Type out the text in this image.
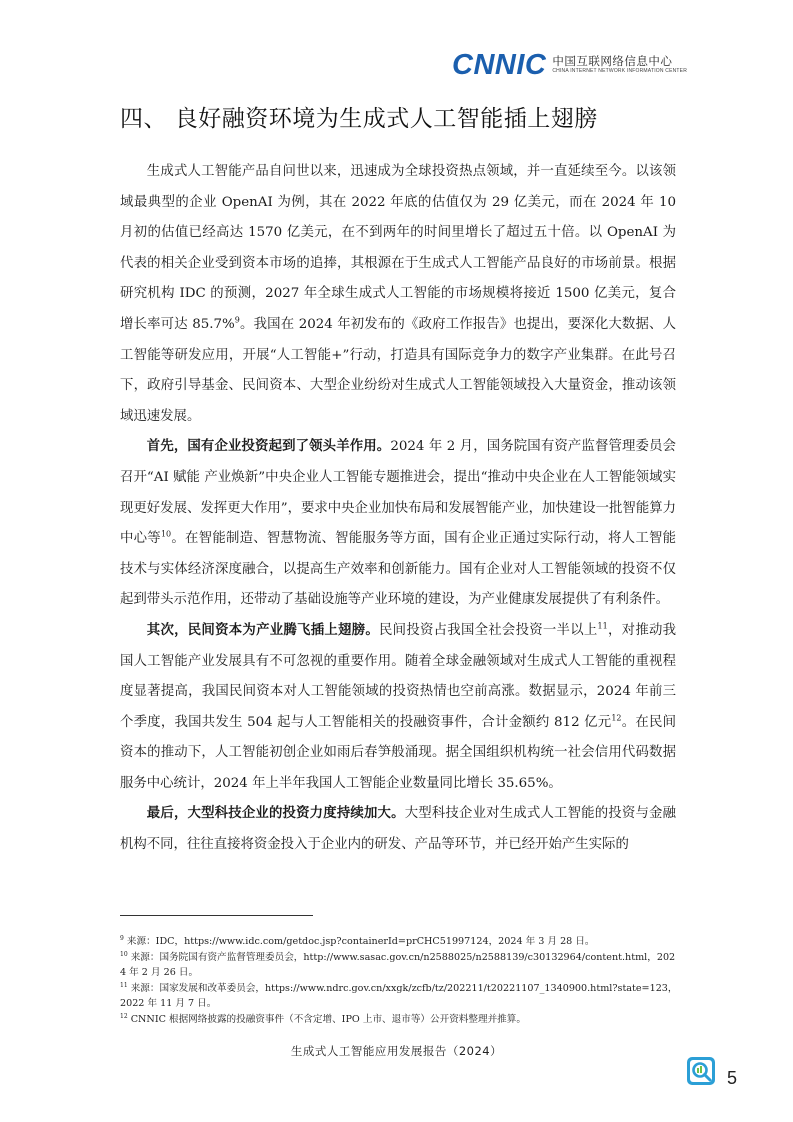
CNNIC 中国互联网络信息中心
CHINA INTERNET NETWORK INFORMATION CENTER
四、 良好融资环境为生成式人工智能插上翅膀

生成式人工智能产品自问世以来，迅速成为全球投资热点领域，并一直延续至今。以该领域最典型的企业 OpenAI 为例，其在 2022 年底的估值仅为 29 亿美元，而在 2024 年 10 月初的估值已经高达 1570 亿美元，在不到两年的时间里增长了超过五十倍。以 OpenAI 为代表的相关企业受到资本市场的追捧，其根源在于生成式人工智能产品良好的市场前景。根据研究机构 IDC 的预测，2027 年全球生成式人工智能的市场规模将接近 1500 亿美元，复合增长率可达 85.7%$^9$。我国在 2024 年初发布的《政府工作报告》也提出，要深化大数据、人工智能等研发应用，开展“人工智能+”行动，打造具有国际竞争力的数字产业集群。在此号召下，政府引导基金、民间资本、大型企业纷纷对生成式人工智能领域投入大量资金，推动该领域迅速发展。

首先，国有企业投资起到了领头羊作用。2024 年 2 月，国务院国有资产监督管理委员会召开“AI 赋能 产业焕新”中央企业人工智能专题推进会，提出“推动中央企业在人工智能领域实现更好发展、发挥更大作用”，要求中央企业加快布局和发展智能产业，加快建设一批智能算力中心等$^{10}$。在智能制造、智慧物流、智能服务等方面，国有企业正通过实际行动，将人工智能技术与实体经济深度融合，以提高生产效率和创新能力。国有企业对人工智能领域的投资不仅起到带头示范作用，还带动了基础设施等产业环境的建设，为产业健康发展提供了有利条件。

其次，民间资本为产业腾飞插上翅膀。民间投资占我国全社会投资一半以上$^{11}$，对推动我国人工智能产业发展具有不可忽视的重要作用。随着全球金融领域对生成式人工智能的重视程度显著提高，我国民间资本对人工智能领域的投资热情也空前高涨。数据显示，2024 年前三个季度，我国共发生 504 起与人工智能相关的投融资事件，合计金额约 812 亿元$^{12}$。在民间资本的推动下，人工智能初创企业如雨后春笋般涌现。据全国组织机构统一社会信用代码数据服务中心统计，2024 年上半年我国人工智能企业数量同比增长 35.65%。

最后，大型科技企业的投资力度持续加大。大型科技企业对生成式人工智能的投资与金融机构不同，往往直接将资金投入于企业内的研发、产品等环节，并已经开始产生实际的

$^9$ 来源：IDC，https://www.idc.com/getdoc.jsp?containerId=prCHC51997124，2024 年 3 月 28 日。

$^{10}$ 来源：国务院国有资产监督管理委员会，http://www.sasac.gov.cn/n2588025/n2588139/c30132964/content.html，2024 年 2 月 26 日。

$^{11}$ 来源：国家发展和改革委员会，https://www.ndrc.gov.cn/xxgk/zcfb/tz/202211/t20221107_1340900.html?state=123，2022 年 11 月 7 日。

$^{12}$ CNNIC 根据网络披露的投融资事件（不含定增、IPO 上市、退市等）公开资料整理并推算。

生成式人工智能应用发展报告（2024）
5
